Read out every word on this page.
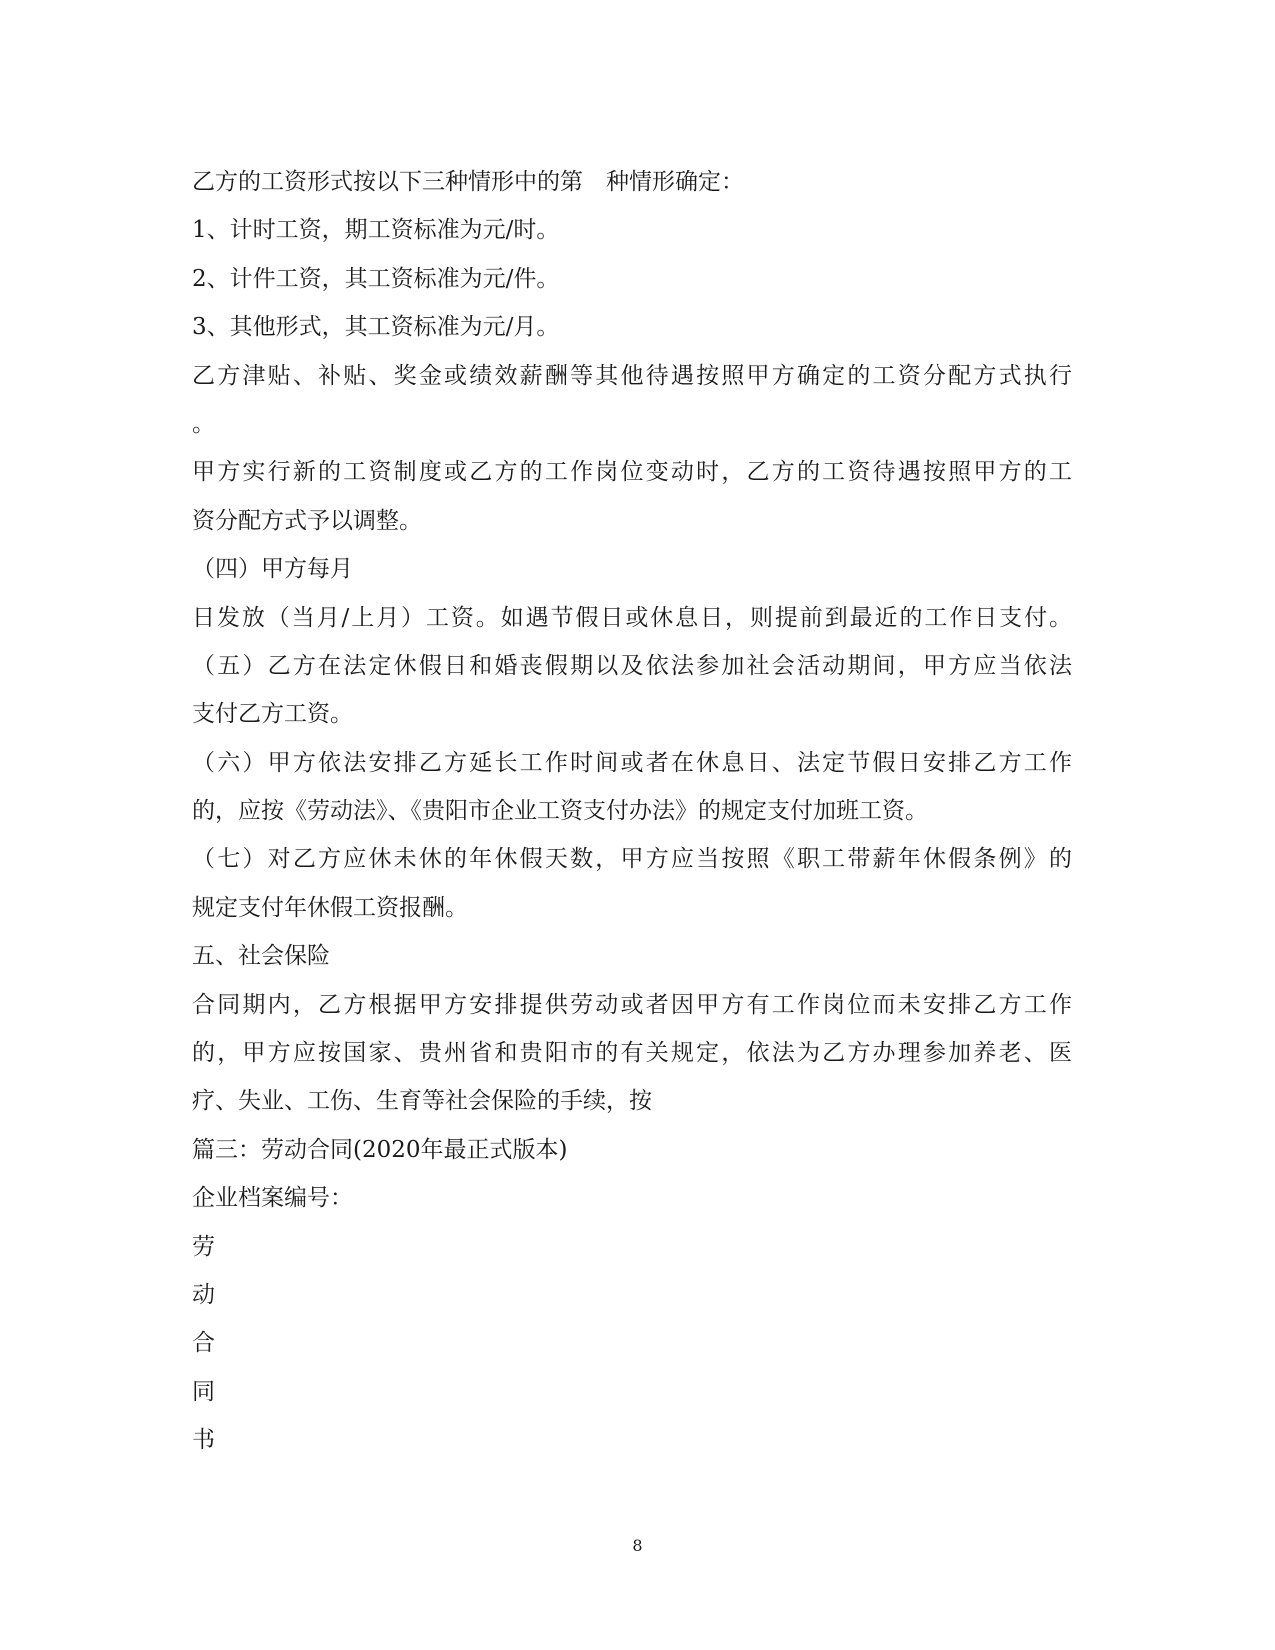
乙方的工资形式按以下三种情形中的第　种情形确定：
1、计时工资，期工资标准为元/时。
2、计件工资，其工资标准为元/件。
3、其他形式，其工资标准为元/月。
乙方津贴、补贴、奖金或绩效薪酬等其他待遇按照甲方确定的工资分配方式执行
。
甲方实行新的工资制度或乙方的工作岗位变动时，乙方的工资待遇按照甲方的工
资分配方式予以调整。
（四）甲方每月
日发放（当月/上月）工资。如遇节假日或休息日，则提前到最近的工作日支付。
（五）乙方在法定休假日和婚丧假期以及依法参加社会活动期间，甲方应当依法
支付乙方工资。
（六）甲方依法安排乙方延长工作时间或者在休息日、法定节假日安排乙方工作
的，应按《劳动法》、《贵阳市企业工资支付办法》的规定支付加班工资。
（七）对乙方应休未休的年休假天数，甲方应当按照《职工带薪年休假条例》的
规定支付年休假工资报酬。
五、社会保险
合同期内，乙方根据甲方安排提供劳动或者因甲方有工作岗位而未安排乙方工作
的，甲方应按国家、贵州省和贵阳市的有关规定，依法为乙方办理参加养老、医
疗、失业、工伤、生育等社会保险的手续，按
篇三：劳动合同(2020年最正式版本)
企业档案编号：
劳
动
合
同
书
8
